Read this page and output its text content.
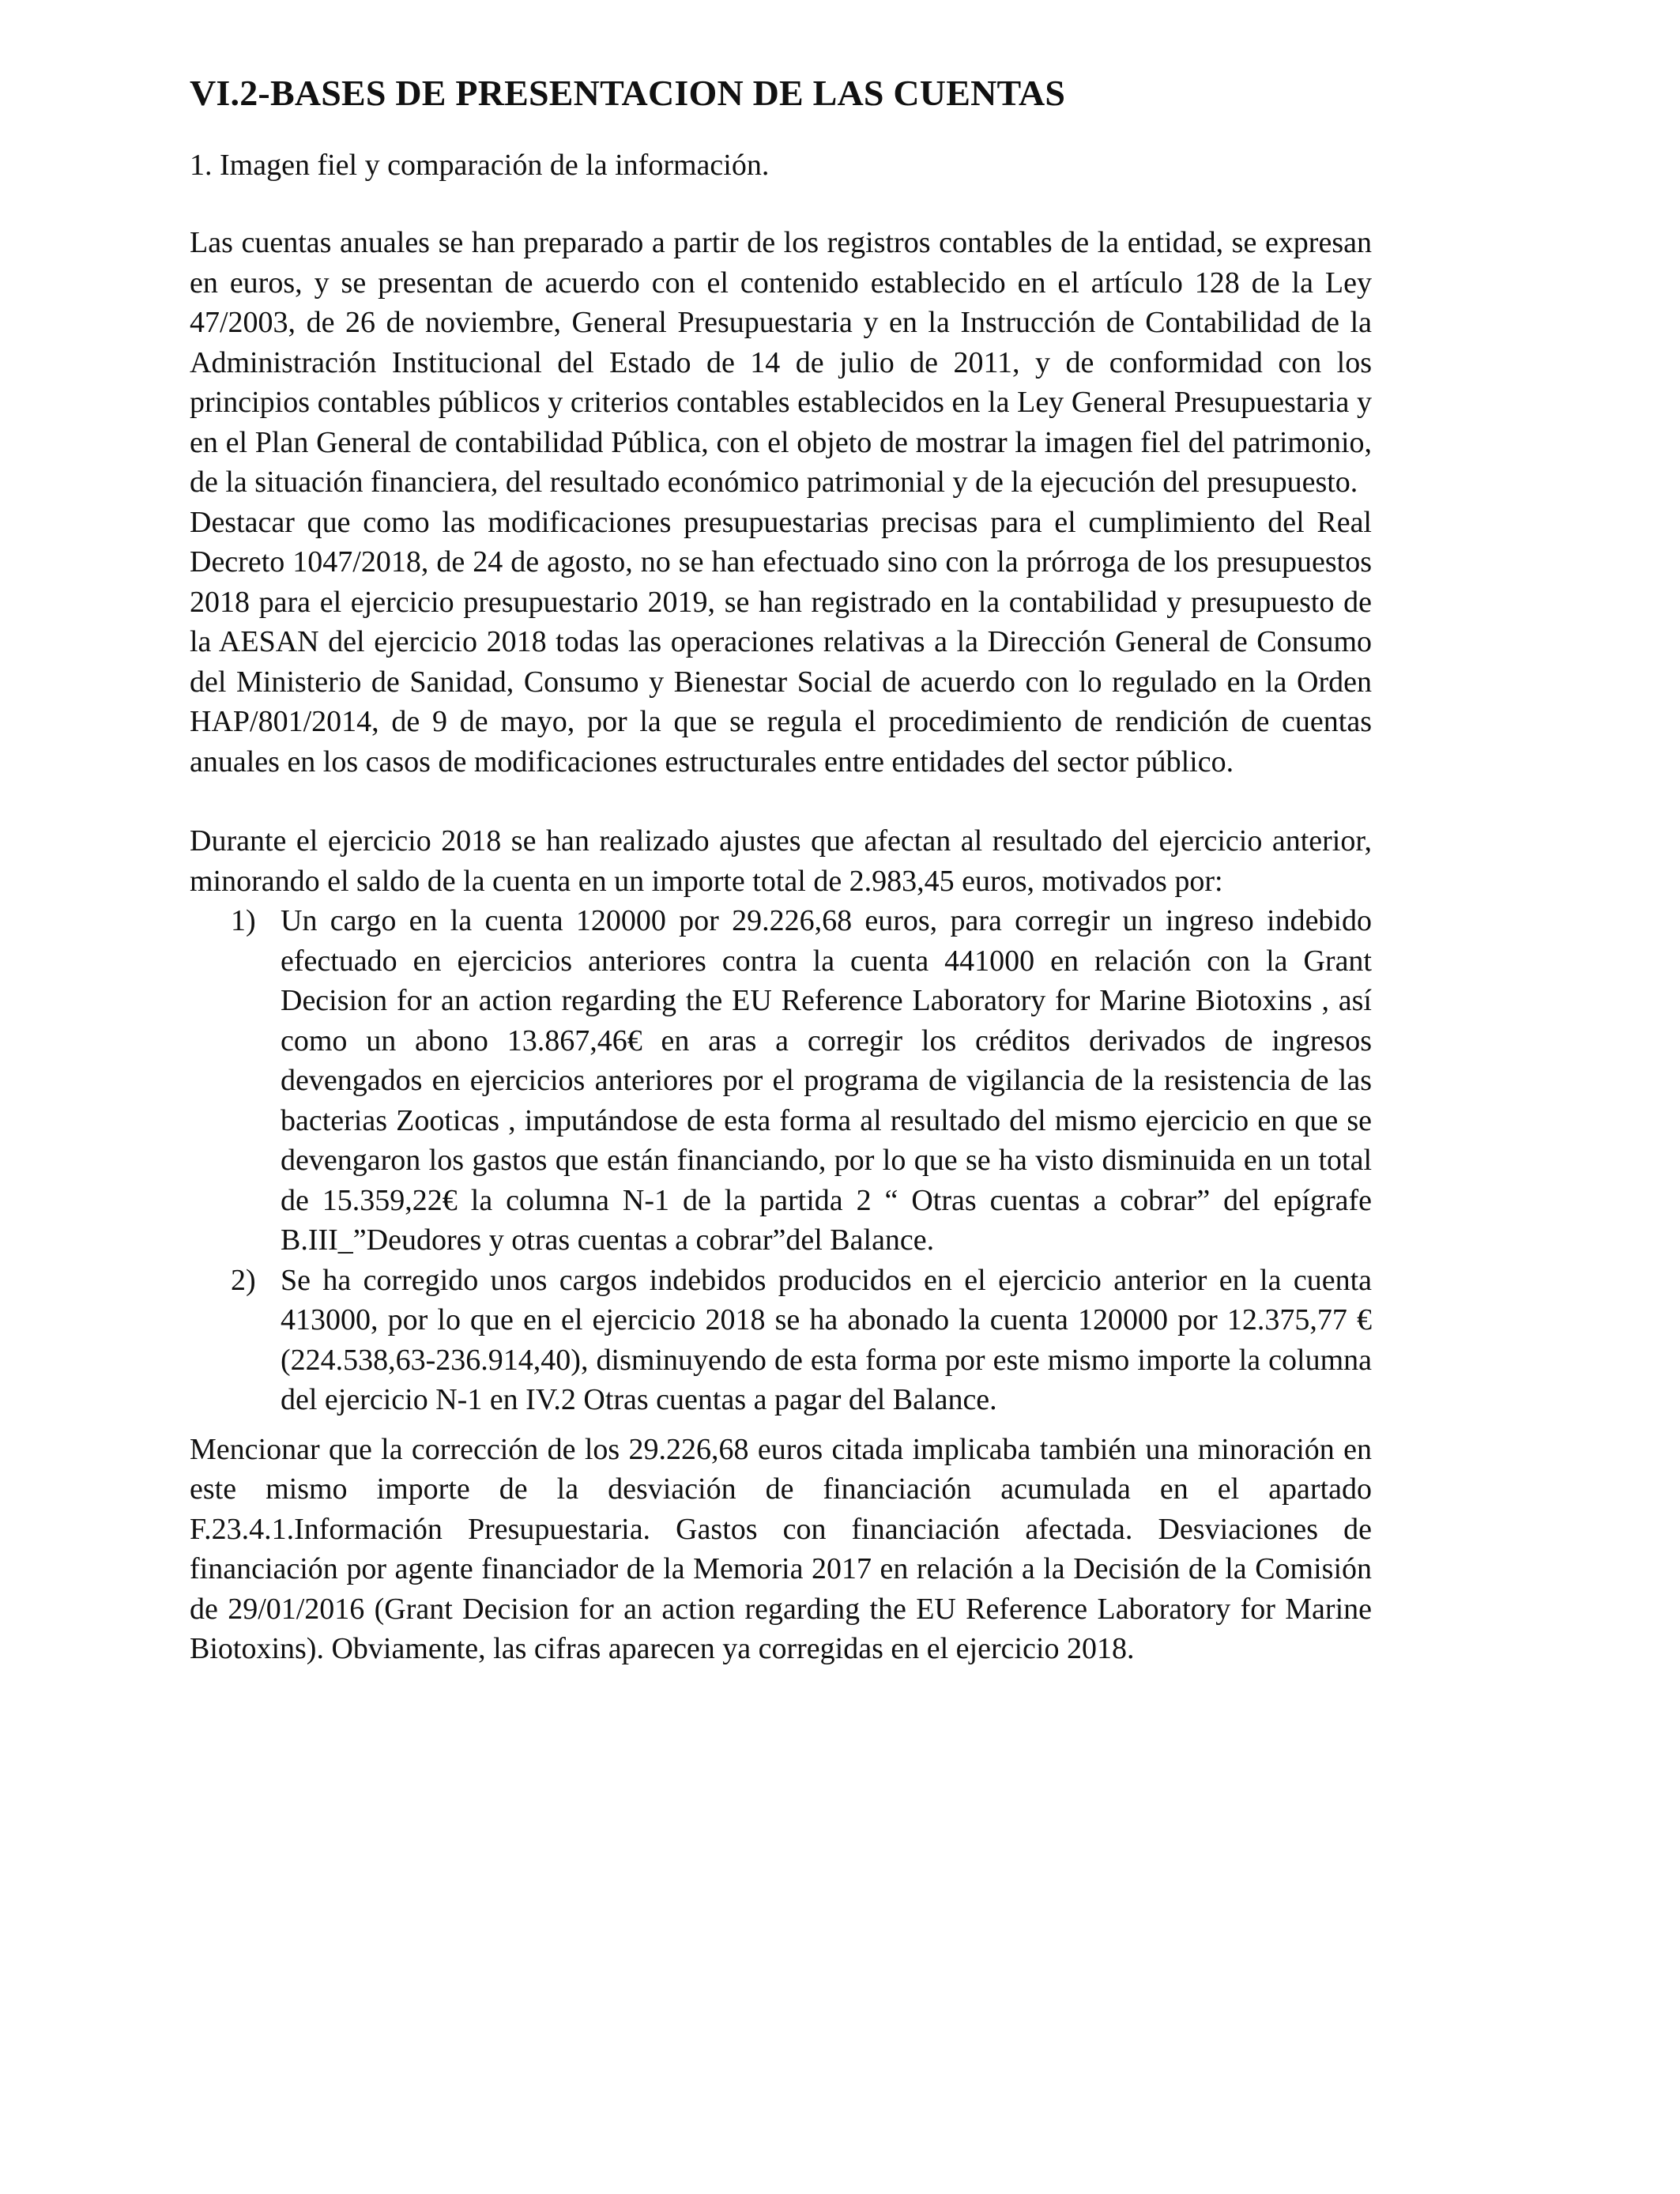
VI.2-BASES DE PRESENTACION DE LAS CUENTAS

1. Imagen fiel y comparación de la información.

Las cuentas anuales se han preparado a partir de los registros contables de la entidad, se expresan en euros, y se presentan de acuerdo con el contenido establecido en el artículo 128 de la Ley 47/2003, de 26 de noviembre, General Presupuestaria y en la Instrucción de Contabilidad de la Administración Institucional del Estado de 14 de julio de 2011, y de conformidad con los principios contables públicos y criterios contables establecidos en la Ley General Presupuestaria y en el Plan General de contabilidad Pública, con el objeto de mostrar la imagen fiel del patrimonio, de la situación financiera, del resultado económico patrimonial y de la ejecución del presupuesto.

Destacar que como las modificaciones presupuestarias precisas para el cumplimiento del Real Decreto 1047/2018, de 24 de agosto, no se han efectuado sino con la prórroga de los presupuestos 2018 para el ejercicio presupuestario 2019, se han registrado en la contabilidad y presupuesto de la AESAN del ejercicio 2018 todas las operaciones relativas a la Dirección General de Consumo del Ministerio de Sanidad, Consumo y Bienestar Social de acuerdo con lo regulado en la Orden HAP/801/2014, de 9 de mayo, por la que se regula el procedimiento de rendición de cuentas anuales en los casos de modificaciones estructurales entre entidades del sector público.

Durante el ejercicio 2018 se han realizado ajustes que afectan al resultado del ejercicio anterior, minorando el saldo de la cuenta en un importe total de 2.983,45 euros, motivados por:

1) Un cargo en la cuenta 120000 por 29.226,68 euros, para corregir un ingreso indebido efectuado en ejercicios anteriores contra la cuenta 441000 en relación con la Grant Decision for an action regarding the EU Reference Laboratory for Marine Biotoxins , así como un abono 13.867,46€ en aras a corregir los créditos derivados de ingresos devengados en ejercicios anteriores por el programa de vigilancia de la resistencia de las bacterias Zooticas , imputándose de esta forma al resultado del mismo ejercicio en que se devengaron los gastos que están financiando, por lo que se ha visto disminuida en un total de 15.359,22€ la columna N-1 de la partida 2 “ Otras cuentas a cobrar” del epígrafe B.III_”Deudores y otras cuentas a cobrar”del Balance.
2) Se ha corregido unos cargos indebidos producidos en el ejercicio anterior en la cuenta 413000, por lo que en el ejercicio 2018 se ha abonado la cuenta 120000 por 12.375,77 € (224.538,63-236.914,40), disminuyendo de esta forma por este mismo importe la columna del ejercicio N-1 en IV.2 Otras cuentas a pagar del Balance.

Mencionar que la corrección de los 29.226,68 euros citada implicaba también una minoración en este mismo importe de la desviación de financiación acumulada en el apartado F.23.4.1.Información Presupuestaria. Gastos con financiación afectada. Desviaciones de financiación por agente financiador de la Memoria 2017 en relación a la Decisión de la Comisión de 29/01/2016 (Grant Decision for an action regarding the EU Reference Laboratory for Marine Biotoxins). Obviamente, las cifras aparecen ya corregidas en el ejercicio 2018.
